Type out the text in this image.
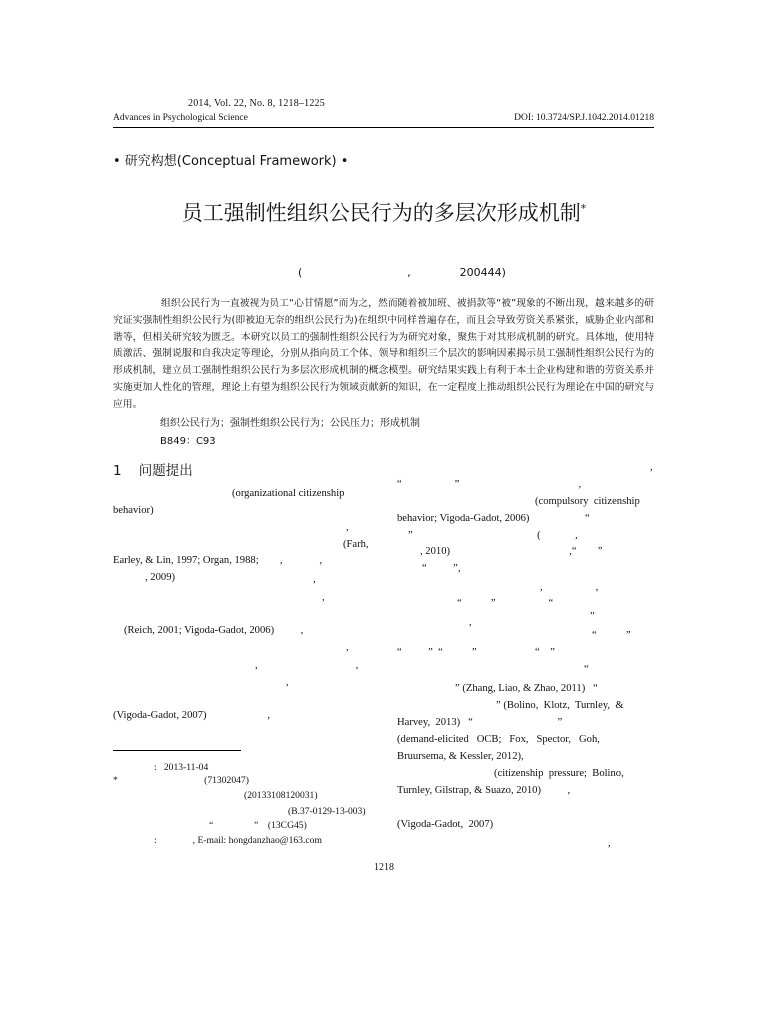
2014, Vol. 22, No. 8, 1218–1225
Advances in Psychological Science	DOI: 10.3724/SP.J.1042.2014.01218
• 研究构想(Conceptual Framework) •
员工强制性组织公民行为的多层次形成机制*
(                              ,              200444)
组织公民行为一直被视为员工“心甘情愿”而为之，然而随着被加班、被捐款等“被”现象的不断出现，越来越多的研究证实强制性组织公民行为(即被迫无奈的组织公民行为)在组织中同样普遍存在，而且会导致劳资关系紧张，威胁企业内部和谐等，但相关研究较为匮乏。本研究以员工的强制性组织公民行为为研究对象，聚焦于对其形成机制的研究。具体地，使用特质激活、强制说服和自我决定等理论，分别从指向员工个体、领导和组织三个层次的影响因素揭示员工强制性组织公民行为的形成机制，建立员工强制性组织公民行为多层次形成机制的概念模型。研究结果实践上有利于本土企业构建和谐的劳资关系并实施更加人性化的管理，理论上有望为组织公民行为领域贡献新的知识，在一定程度上推动组织公民行为理论在中国的研究与应用。
组织公民行为；强制性组织公民行为；公民压力；形成机制
B849：C93
1    问题提出
(organizational citizenship
behavior)
,
(Farh,
Earley, & Lin, 1997; Organ, 1988;        ,              ,
, 2009)	,
,
(Reich, 2001; Vigoda-Gadot, 2006)          ,
,
,                                     ,
,
(Vigoda-Gadot, 2007)                       ,
,
“                    ”                                             ,
(compulsory  citizenship
behavior; Vigoda-Gadot, 2006)                     “
”                                               (             ,
, 2010)                                             ,“        ”
“          ”,
,                    ,
“           ”                    “
”
,
“           ”
“          ”  “           ”                      “    ”
“
” (Zhang, Liao, & Zhao, 2011)   “
” (Bolino,  Klotz,  Turnley,  &
Harvey,  2013)   “                                ”
(demand-elicited   OCB;   Fox,   Spector,   Goh,
Bruursema, & Kessler, 2012),
(citizenship  pressure;  Bolino,
Turnley, Gilstrap, & Suazo, 2010)          ,
(Vigoda-Gadot,  2007)
,
:   2013-11-04
*                                    (71302047)
(20133108120031)
(B.37-0129-13-003)
“                 ”    (13CG45)
:               , E-mail: hongdanzhao@163.com
1218
